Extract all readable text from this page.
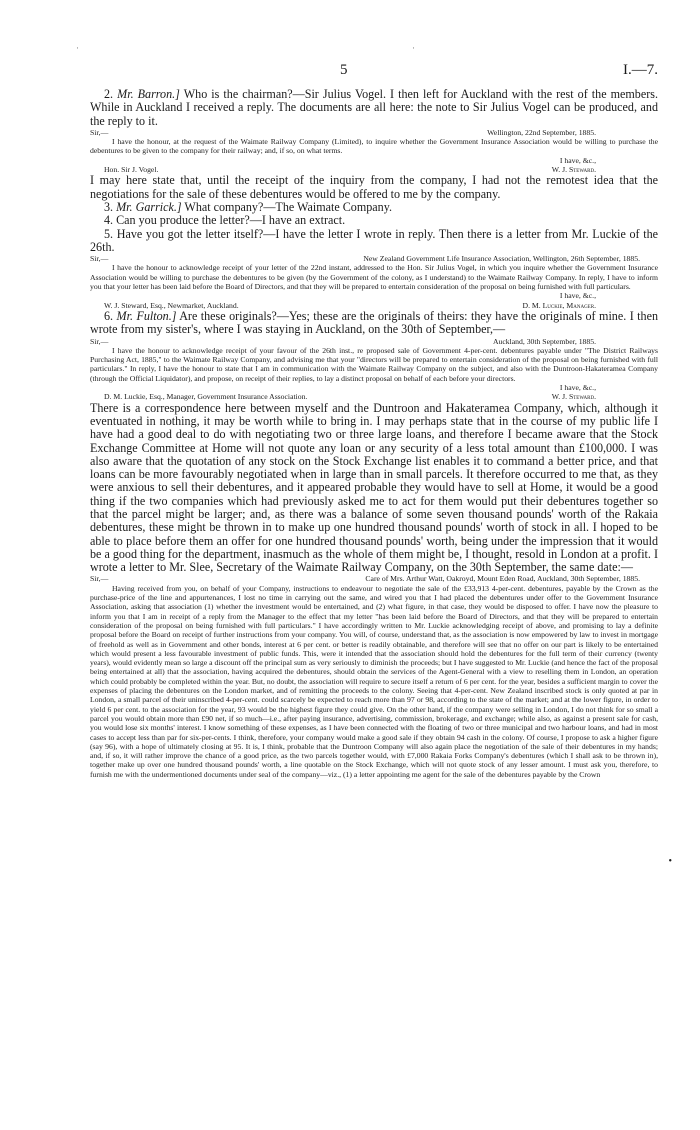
·	·
•
5	I.—7.

2. Mr. Barron.] Who is the chairman?—Sir Julius Vogel. I then left for Auckland with the rest of the members. While in Auckland I received a reply. The documents are all here: the note to Sir Julius Vogel can be produced, and the reply to it.

Sir,—	Wellington, 22nd September, 1885.

I have the honour, at the request of the Waimate Railway Company (Limited), to inquire whether the Government Insurance Association would be willing to purchase the debentures to be given to the company for their railway; and, if so, on what terms.

I have, &c.,
Hon. Sir J. Vogel.	W. J. Steward.

I may here state that, until the receipt of the inquiry from the company, I had not the remotest idea that the negotiations for the sale of these debentures would be offered to me by the company.

3. Mr. Garrick.] What company?—The Waimate Company.

4. Can you produce the letter?—I have an extract.

5. Have you got the letter itself?—I have the letter I wrote in reply. Then there is a letter from Mr. Luckie of the 26th.

Sir,—	New Zealand Government Life Insurance Association, Wellington, 26th September, 1885.

I have the honour to acknowledge receipt of your letter of the 22nd instant, addressed to the Hon. Sir Julius Vogel, in which you inquire whether the Government Insurance Association would be willing to purchase the debentures to be given (by the Government of the colony, as I understand) to the Waimate Railway Company. In reply, I have to inform you that your letter has been laid before the Board of Directors, and that they will be prepared to entertain consideration of the proposal on being furnished with full particulars.

I have, &c.,
W. J. Steward, Esq., Newmarket, Auckland.	D. M. Luckie, Manager.

6. Mr. Fulton.] Are these originals?—Yes; these are the originals of theirs: they have the originals of mine. I then wrote from my sister's, where I was staying in Auckland, on the 30th of September,—

Sir,—	Auckland, 30th September, 1885.

I have the honour to acknowledge receipt of your favour of the 26th inst., re proposed sale of Government 4-per-cent. debentures payable under "The District Railways Purchasing Act, 1885," to the Waimate Railway Company, and advising me that your "directors will be prepared to entertain consideration of the proposal on being furnished with full particulars." In reply, I have the honour to state that I am in communication with the Waimate Railway Company on the subject, and also with the Duntroon-Hakateramea Company (through the Official Liquidator), and propose, on receipt of their replies, to lay a distinct proposal on behalf of each before your directors.

I have, &c.,
D. M. Luckie, Esq., Manager, Government Insurance Association.	W. J. Steward.

There is a correspondence here between myself and the Duntroon and Hakateramea Company, which, although it eventuated in nothing, it may be worth while to bring in. I may perhaps state that in the course of my public life I have had a good deal to do with negotiating two or three large loans, and therefore I became aware that the Stock Exchange Committee at Home will not quote any loan or any security of a less total amount than £100,000. I was also aware that the quotation of any stock on the Stock Exchange list enables it to command a better price, and that loans can be more favourably negotiated when in large than in small parcels. It therefore occurred to me that, as they were anxious to sell their debentures, and it appeared probable they would have to sell at Home, it would be a good thing if the two companies which had previously asked me to act for them would put their debentures together so that the parcel might be larger; and, as there was a balance of some seven thousand pounds' worth of the Rakaia debentures, these might be thrown in to make up one hundred thousand pounds' worth of stock in all. I hoped to be able to place before them an offer for one hundred thousand pounds' worth, being under the impression that it would be a good thing for the department, inasmuch as the whole of them might be, I thought, resold in London at a profit. I wrote a letter to Mr. Slee, Secretary of the Waimate Railway Company, on the 30th September, the same date:—

Sir,—	Care of Mrs. Arthur Watt, Oakroyd, Mount Eden Road, Auckland, 30th September, 1885.

Having received from you, on behalf of your Company, instructions to endeavour to negotiate the sale of the £33,913 4-per-cent. debentures, payable by the Crown as the purchase-price of the line and appurtenances, I lost no time in carrying out the same, and wired you that I had placed the debentures under offer to the Government Insurance Association, asking that association (1) whether the investment would be entertained, and (2) what figure, in that case, they would be disposed to offer. I have now the pleasure to inform you that I am in receipt of a reply from the Manager to the effect that my letter "has been laid before the Board of Directors, and that they will be prepared to entertain consideration of the proposal on being furnished with full particulars." I have accordingly written to Mr. Luckie acknowledging receipt of above, and promising to lay a definite proposal before the Board on receipt of further instructions from your company. You will, of course, understand that, as the association is now empowered by law to invest in mortgage of freehold as well as in Government and other bonds, interest at 6 per cent. or better is readily obtainable, and therefore will see that no offer on our part is likely to be entertained which would present a less favourable investment of public funds. This, were it intended that the association should hold the debentures for the full term of their currency (twenty years), would evidently mean so large a discount off the principal sum as very seriously to diminish the proceeds; but I have suggested to Mr. Luckie (and hence the fact of the proposal being entertained at all) that the association, having acquired the debentures, should obtain the services of the Agent-General with a view to reselling them in London, an operation which could probably be completed within the year. But, no doubt, the association will require to secure itself a return of 6 per cent. for the year, besides a sufficient margin to cover the expenses of placing the debentures on the London market, and of remitting the proceeds to the colony. Seeing that 4-per-cent. New Zealand inscribed stock is only quoted at par in London, a small parcel of their uninscribed 4-per-cent. could scarcely be expected to reach more than 97 or 98, according to the state of the market; and at the lower figure, in order to yield 6 per cent. to the association for the year, 93 would be the highest figure they could give. On the other hand, if the company were selling in London, I do not think for so small a parcel you would obtain more than £90 net, if so much—i.e., after paying insurance, advertising, commission, brokerage, and exchange; while also, as against a present sale for cash, you would lose six months' interest. I know something of these expenses, as I have been connected with the floating of two or three municipal and two harbour loans, and had in most cases to accept less than par for six-per-cents. I think, therefore, your company would make a good sale if they obtain 94 cash in the colony. Of course, I propose to ask a higher figure (say 96), with a hope of ultimately closing at 95. It is, I think, probable that the Duntroon Company will also again place the negotiation of the sale of their debentures in my hands; and, if so, it will rather improve the chance of a good price, as the two parcels together would, with £7,000 Rakaia Forks Company's debentures (which I shall ask to be thrown in), together make up over one hundred thousand pounds' worth, a line quotable on the Stock Exchange, which will not quote stock of any lesser amount. I must ask you, therefore, to furnish me with the undermentioned documents under seal of the company—viz., (1) a letter appointing me agent for the sale of the debentures payable by the Crown
